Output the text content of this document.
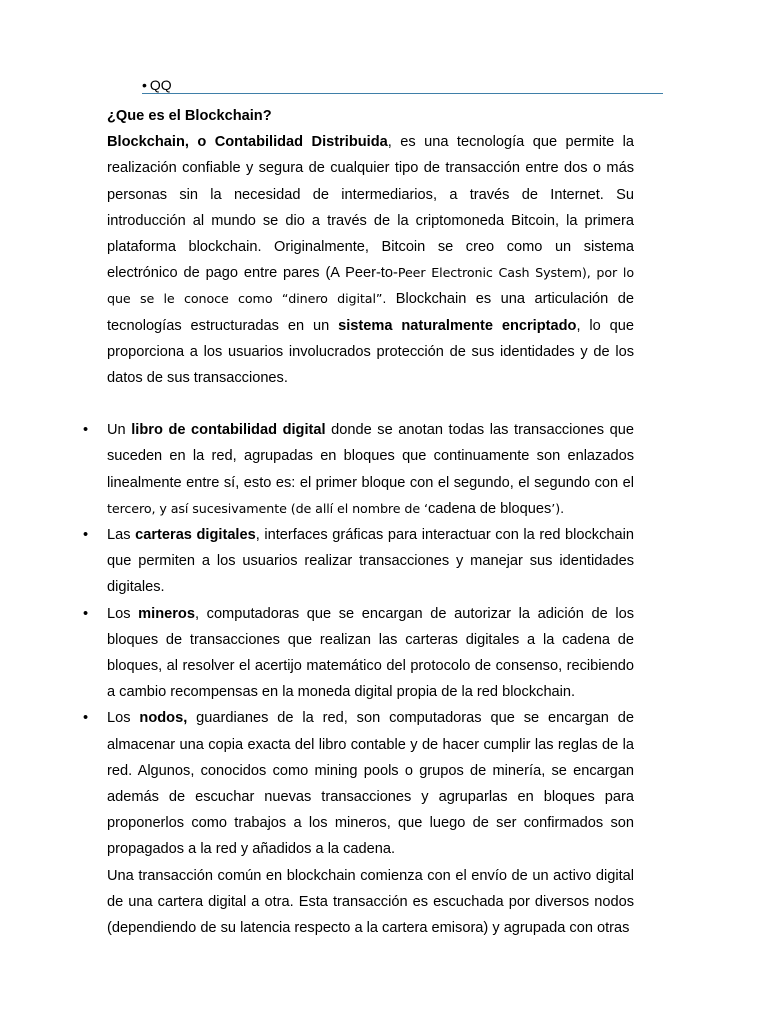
• QQ

¿Que es el Blockchain?

Blockchain, o Contabilidad Distribuida, es una tecnología que permite la realización confiable y segura de cualquier tipo de transacción entre dos o más personas sin la necesidad de intermediarios, a través de Internet. Su introducción al mundo se dio a través de la criptomoneda Bitcoin, la primera plataforma blockchain. Originalmente, Bitcoin se creo como un sistema electrónico de pago entre pares (A Peer-to-Peer Electronic Cash System), por lo que se le conoce como “dinero digital”. Blockchain es una articulación de tecnologías estructuradas en un sistema naturalmente encriptado, lo que proporciona a los usuarios involucrados protección de sus identidades y de los datos de sus transacciones.

• Un libro de contabilidad digital donde se anotan todas las transacciones que suceden en la red, agrupadas en bloques que continuamente son enlazados linealmente entre sí, esto es: el primer bloque con el segundo, el segundo con el tercero, y así sucesivamente (de allí el nombre de ‘cadena de bloques’).
• Las carteras digitales, interfaces gráficas para interactuar con la red blockchain que permiten a los usuarios realizar transacciones y manejar sus identidades digitales.
• Los mineros, computadoras que se encargan de autorizar la adición de los bloques de transacciones que realizan las carteras digitales a la cadena de bloques, al resolver el acertijo matemático del protocolo de consenso, recibiendo a cambio recompensas en la moneda digital propia de la red blockchain.
• Los nodos, guardianes de la red, son computadoras que se encargan de almacenar una copia exacta del libro contable y de hacer cumplir las reglas de la red. Algunos, conocidos como mining pools o grupos de minería, se encargan además de escuchar nuevas transacciones y agruparlas en bloques para proponerlos como trabajos a los mineros, que luego de ser confirmados son propagados a la red y añadidos a la cadena.

Una transacción común en blockchain comienza con el envío de un activo digital de una cartera digital a otra. Esta transacción es escuchada por diversos nodos (dependiendo de su latencia respecto a la cartera emisora) y agrupada con otras
